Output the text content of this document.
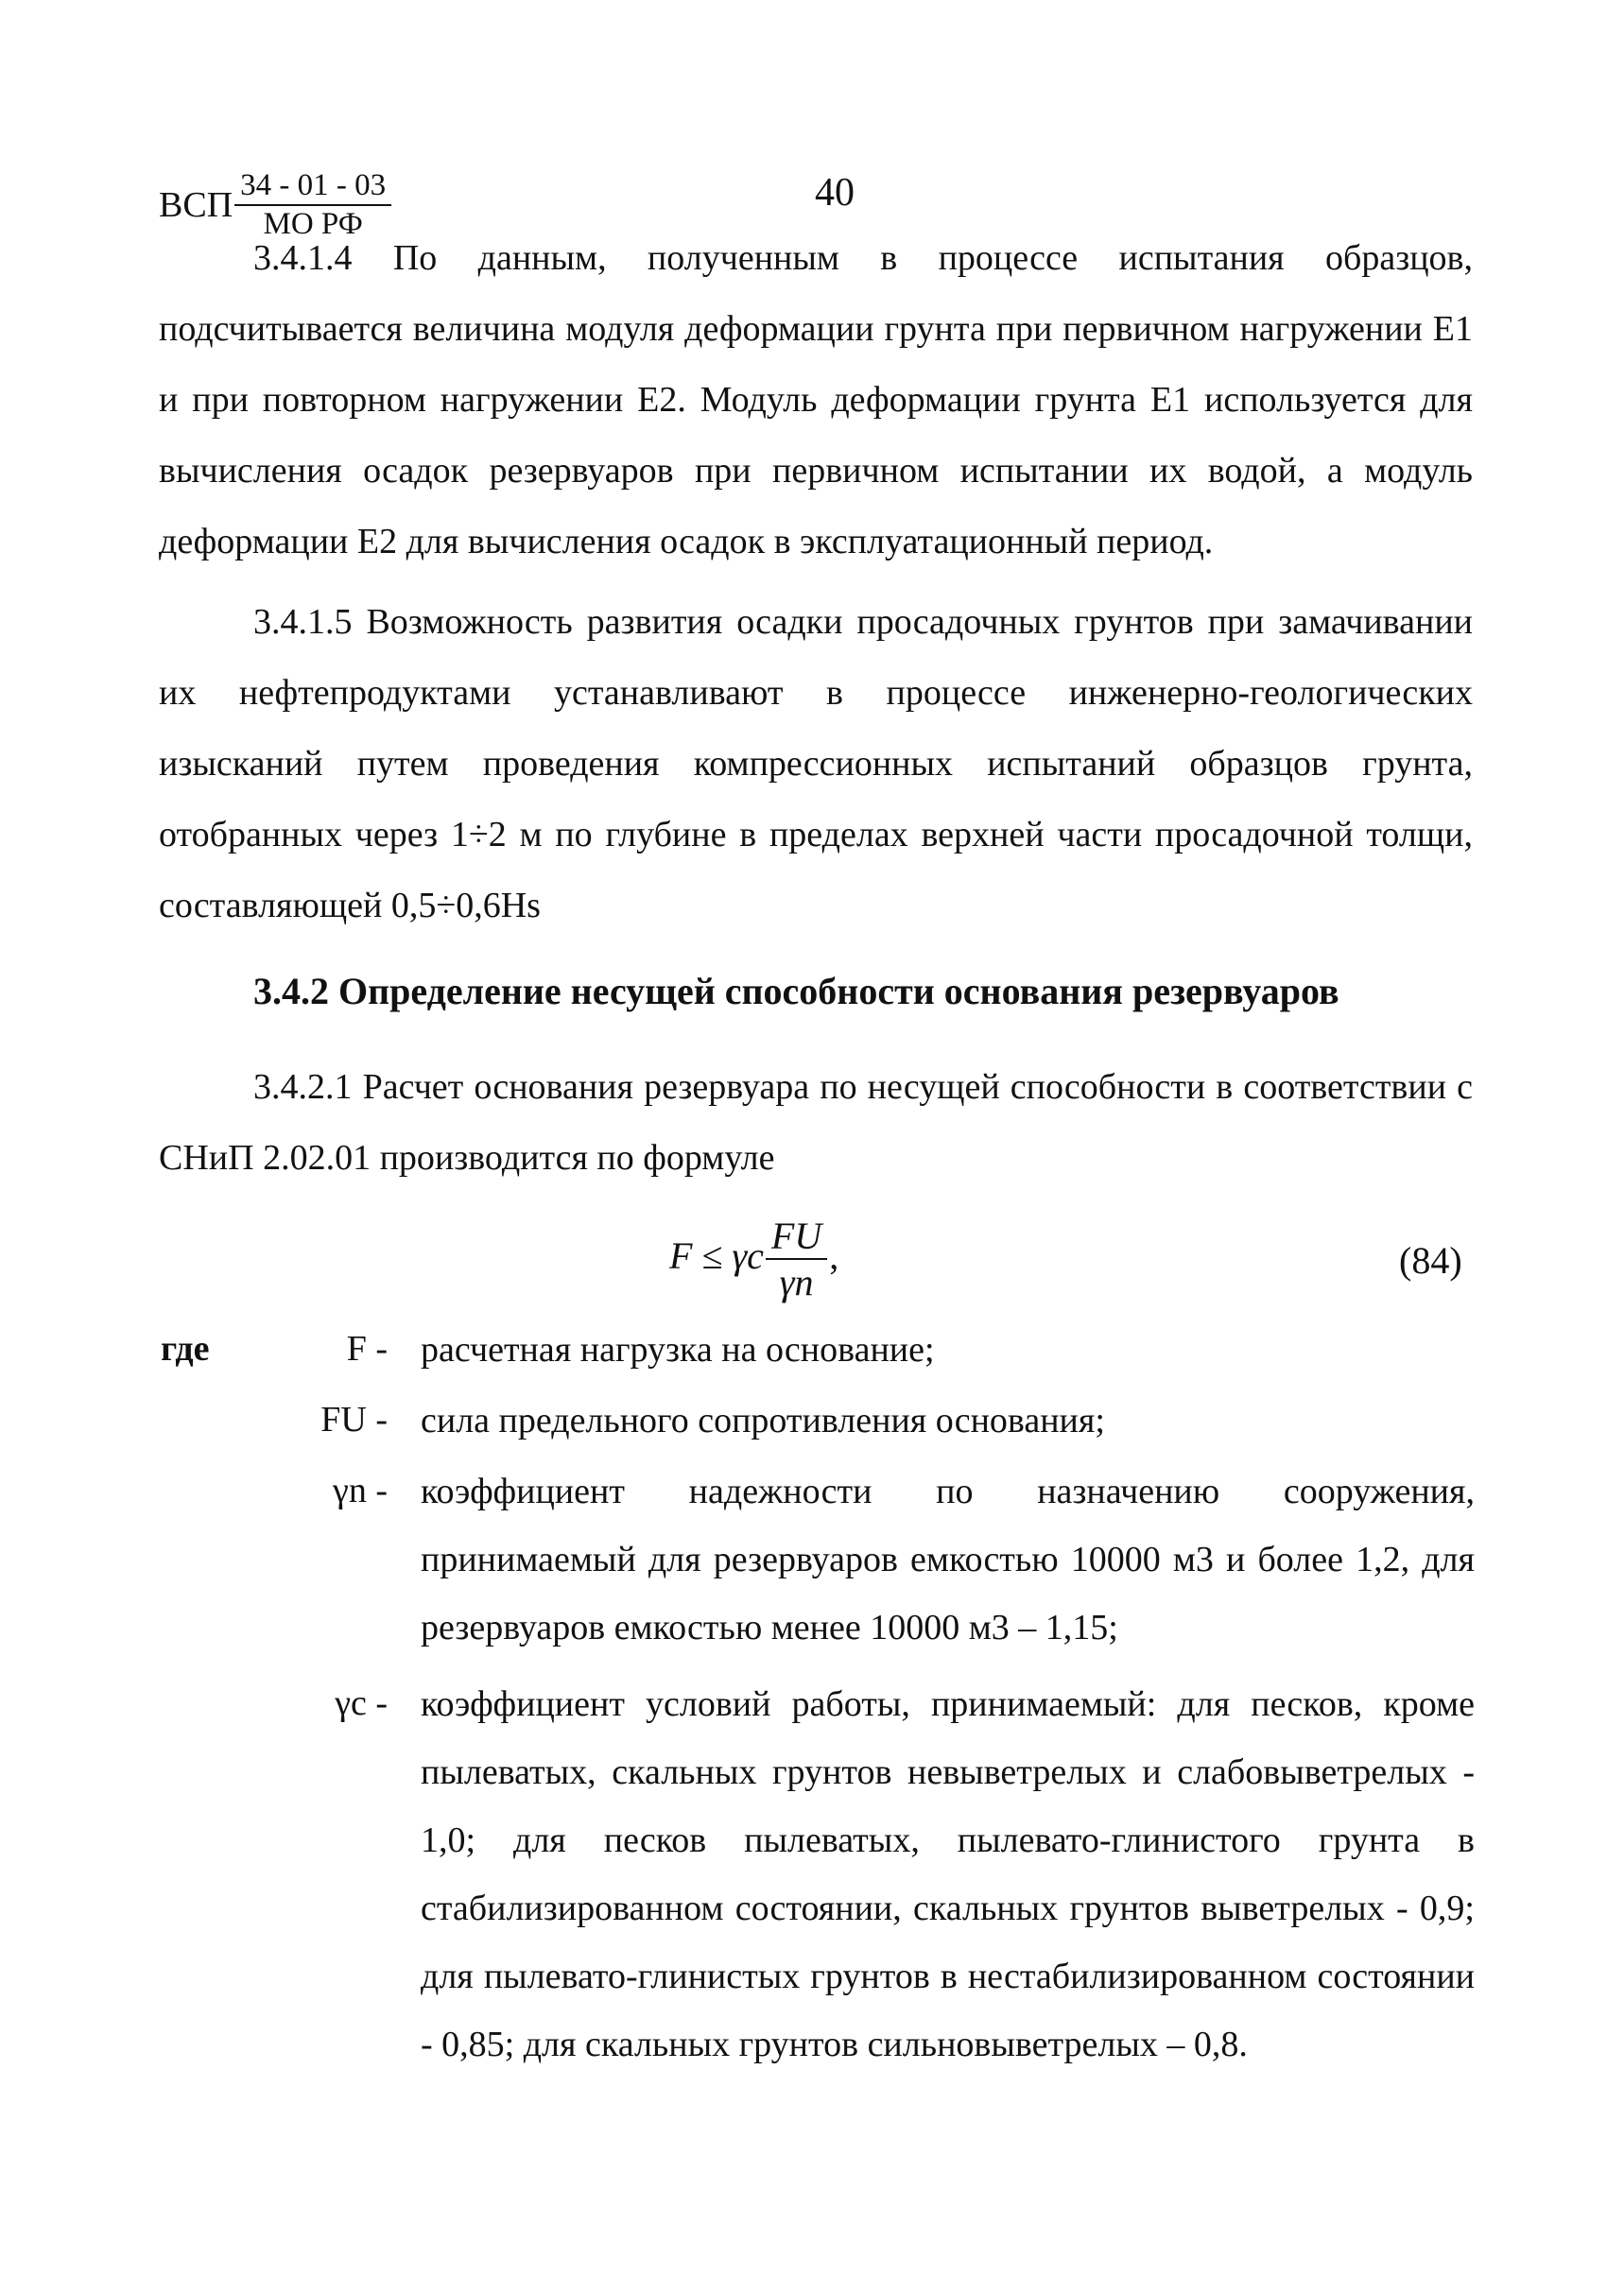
ВСП $\frac{34 - 01 - 03}{\text{МО РФ}}$	40
3.4.1.4 По данным, полученным в процессе испытания образцов, подсчитывается величина модуля деформации грунта при первичном нагружении E1 и при повторном нагружении E2. Модуль деформации грунта E1 используется для вычисления осадок резервуаров при первичном испытании их водой, а модуль деформации E2 для вычисления осадок в эксплуатационный период.
3.4.1.5 Возможность развития осадки просадочных грунтов при замачивании их нефтепродуктами устанавливают в процессе инженерно-геологических изысканий путем проведения компрессионных испытаний образцов грунта, отобранных через 1÷2 м по глубине в пределах верхней части просадочной толщи, составляющей 0,5÷0,6Hs
3.4.2 Определение несущей способности основания резервуаров
3.4.2.1 Расчет основания резервуара по несущей способности в соответствии с СНиП 2.02.01 производится по формуле
F ≤ γc $\frac{FU}{\gamma n}$ ,	(84)
где	F - расчетная нагрузка на основание;
FU - сила предельного сопротивления основания;
γn - коэффициент надежности по назначению сооружения, принимаемый для резервуаров емкостью 10000 м3 и более 1,2, для резервуаров емкостью менее 10000 м3 – 1,15;
γc - коэффициент условий работы, принимаемый: для песков, кроме пылеватых, скальных грунтов невыветрелых и слабовыветрелых - 1,0; для песков пылеватых, пылевато-глинистого грунта в стабилизированном состоянии, скальных грунтов выветрелых - 0,9; для пылевато-глинистых грунтов в нестабилизированном состоянии - 0,85; для скальных грунтов сильновыветрелых – 0,8.
